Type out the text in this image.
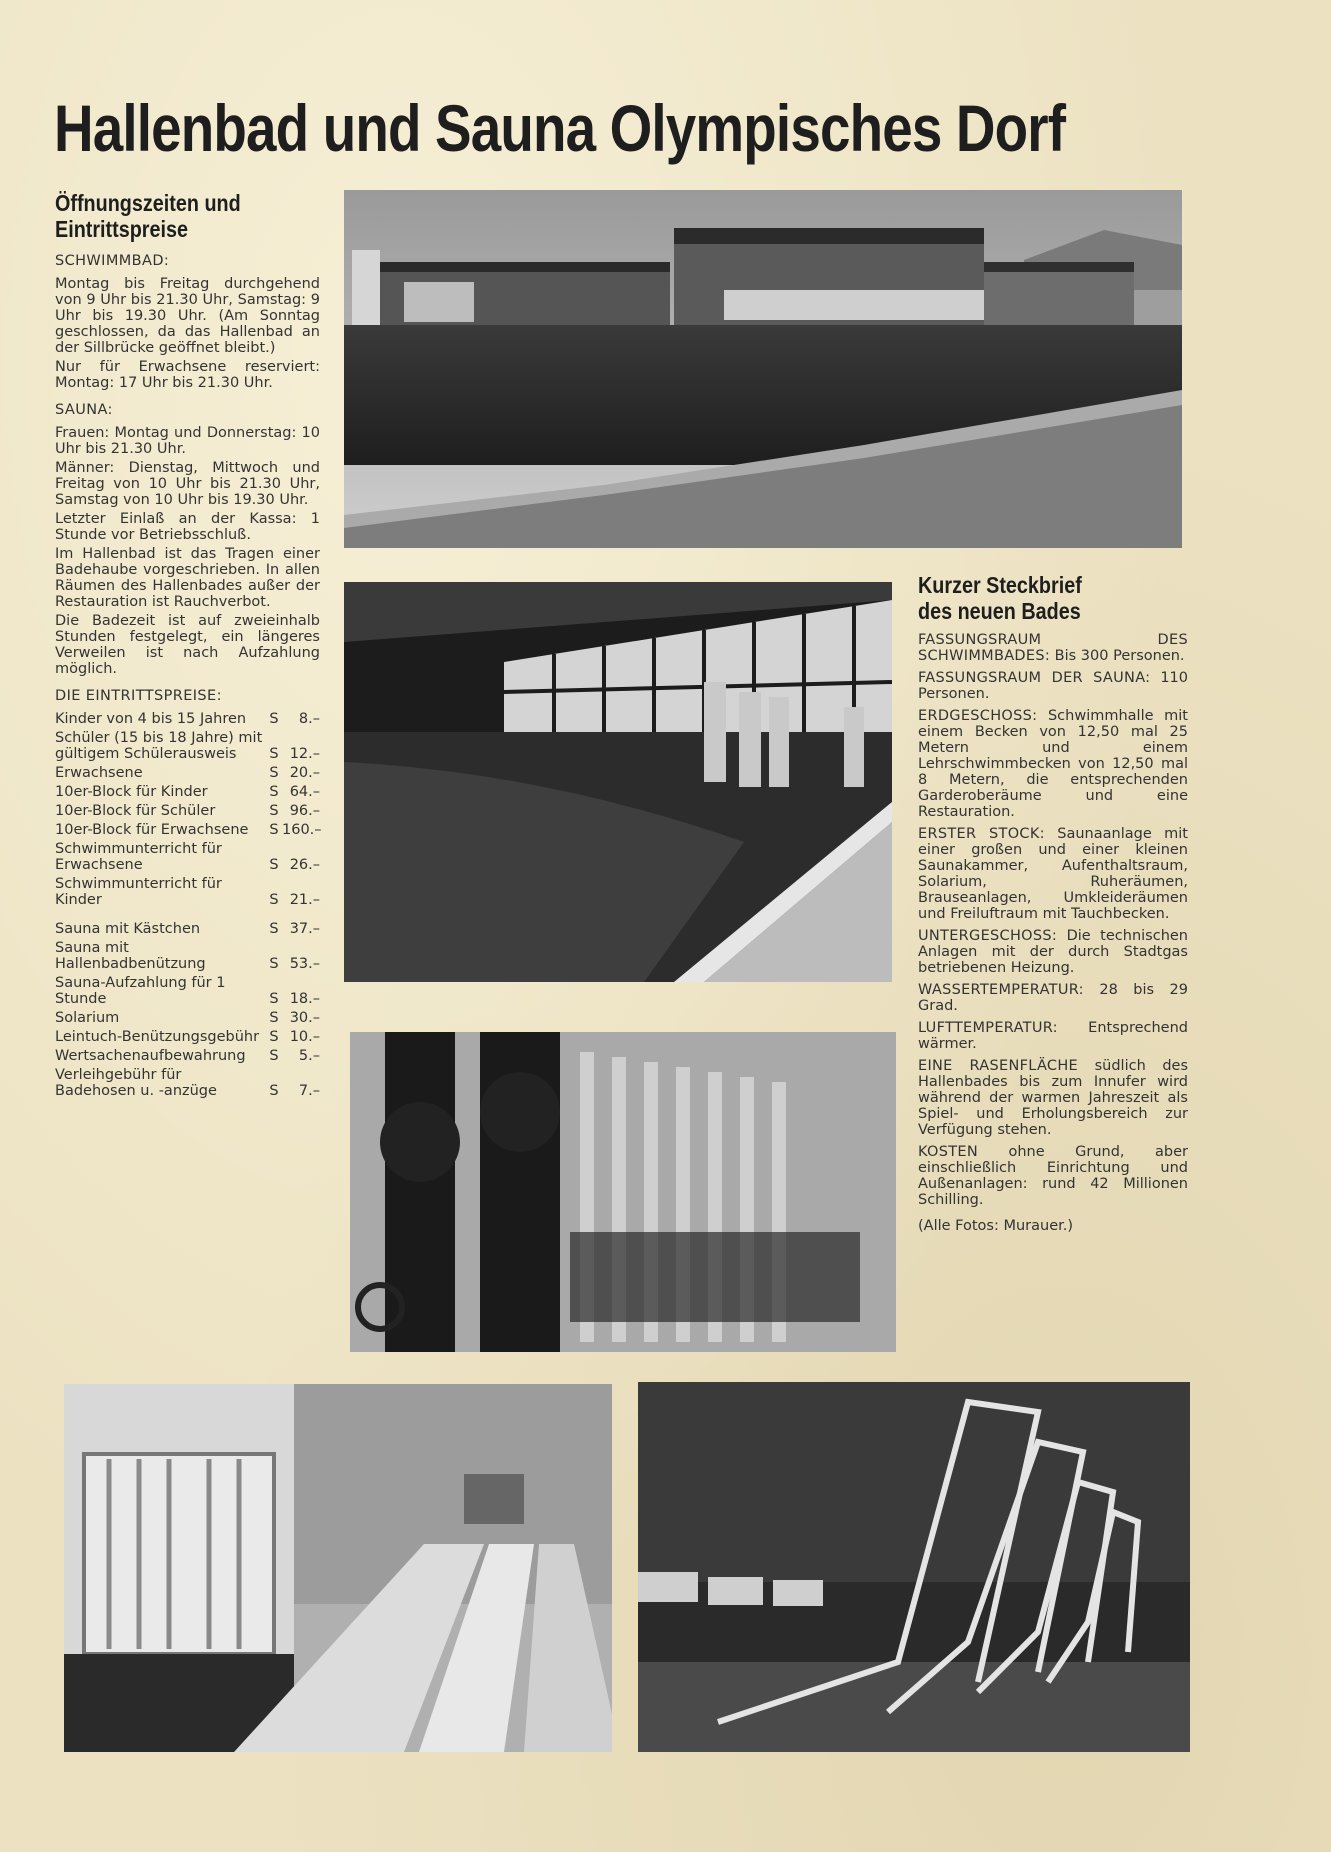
Hallenbad und Sauna Olympisches Dorf
Öffnungszeiten und
Eintrittspreise
SCHWIMMBAD:

Montag bis Freitag durchgehend von 9 Uhr bis 21.30 Uhr, Samstag: 9 Uhr bis 19.30 Uhr. (Am Sonntag geschlossen, da das Hallenbad an der Sillbrücke geöffnet bleibt.)

Nur für Erwachsene reserviert: Montag: 17 Uhr bis 21.30 Uhr.

SAUNA:

Frauen: Montag und Donnerstag: 10 Uhr bis 21.30 Uhr.

Männer: Dienstag, Mittwoch und Freitag von 10 Uhr bis 21.30 Uhr, Samstag von 10 Uhr bis 19.30 Uhr.

Letzter Einlaß an der Kassa: 1 Stunde vor Betriebsschluß.

Im Hallenbad ist das Tragen einer Badehaube vorgeschrieben. In allen Räumen des Hallenbades außer der Restauration ist Rauchverbot.

Die Badezeit ist auf zweieinhalb Stunden festgelegt, ein längeres Verweilen ist nach Aufzahlung möglich.

DIE EINTRITTSPREISE:
Kinder von 4 bis 15 Jahren	S	8.–
Schüler (15 bis 18 Jahre) mit gültigem Schülerausweis	S 12.–
Erwachsene	S 20.–
10er-Block für Kinder	S 64.–
10er-Block für Schüler	S 96.–
10er-Block für Erwachsene	S 160.–
Schwimmunterricht für Erwachsene	S 26.–
Schwimmunterricht für Kinder	S 21.–
Sauna mit Kästchen	S 37.–
Sauna mit Hallenbadbenützung	S 53.–
Sauna-Aufzahlung für 1 Stunde	S 18.–
Solarium	S 30.–
Leintuch-Benützungsgebühr S 10.–
Wertsachenaufbewahrung	S	5.–
Verleihgebühr für Badehosen u. -anzüge	S	7.–
Kurzer Steckbrief
des neuen Bades

FASSUNGSRAUM DES SCHWIMMBADES: Bis 300 Personen.

FASSUNGSRAUM DER SAUNA: 110 Personen.

ERDGESCHOSS: Schwimmhalle mit einem Becken von 12,50 mal 25 Metern und einem Lehrschwimmbecken von 12,50 mal 8 Metern, die entsprechenden Garderoberäume und eine Restauration.

ERSTER STOCK: Saunaanlage mit einer großen und einer kleinen Saunakammer, Aufenthaltsraum, Solarium, Ruheräumen, Brauseanlagen, Umkleideräumen und Freiluftraum mit Tauchbecken.

UNTERGESCHOSS: Die technischen Anlagen mit der durch Stadtgas betriebenen Heizung.

WASSERTEMPERATUR: 28 bis 29 Grad.

LUFTTEMPERATUR: Entsprechend wärmer.

EINE RASENFLÄCHE südlich des Hallenbades bis zum Innufer wird während der warmen Jahreszeit als Spiel- und Erholungsbereich zur Verfügung stehen.

KOSTEN ohne Grund, aber einschließlich Einrichtung und Außenanlagen: rund 42 Millionen Schilling.

(Alle Fotos: Murauer.)
